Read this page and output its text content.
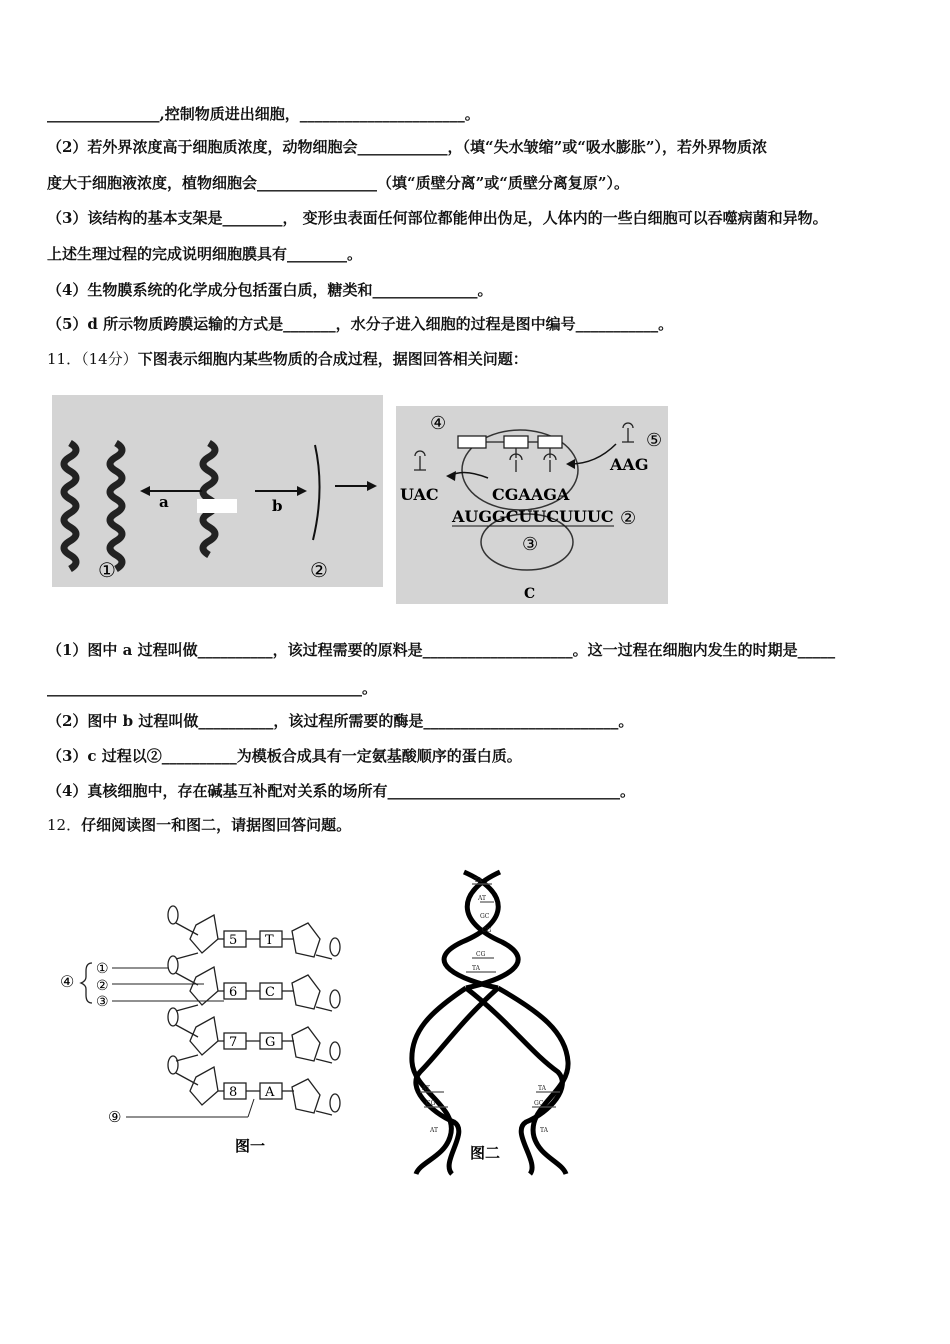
_______________,控制物质进出细胞，______________________。
（2）若外界浓度高于细胞质浓度，动物细胞会____________，（填“失水皱缩”或“吸水膨胀”），若外界物质浓
度大于细胞液浓度，植物细胞会________________（填“质壁分离”或“质壁分离复原”）。
（3）该结构的基本支架是________， 变形虫表面任何部位都能伸出伪足，人体内的一些白细胞可以吞噬病菌和异物。
上述生理过程的完成说明细胞膜具有________。
（4）生物膜系统的化学成分包括蛋白质，糖类和______________。
（5）d 所示物质跨膜运输的方式是_______，水分子进入细胞的过程是图中编号___________。
11．（14分）下图表示细胞内某些物质的合成过程，据图回答相关问题：
a	b
①	②
④
⑤
UAC
AAG
CGAAGA
AUGGCUUCUUUC ②
③
C
（1）图中 a 过程叫做__________，该过程需要的原料是____________________。这一过程在细胞内发生的时期是_____
__________________________________________。
（2）图中 b 过程叫做__________，该过程所需要的酶是__________________________。
（3）c 过程以②__________为模板合成具有一定氨基酸顺序的蛋白质。
（4）真核细胞中，存在碱基互补配对关系的场所有_______________________________。
12．仔细阅读图一和图二，请据图回答问题。
5
6
7
8
T
C
G
A
④
①
②
③
⑨
图一
TA
AT
GC
CG
TA
AT
CG
TA
GC
AT	TA
CG
图二
